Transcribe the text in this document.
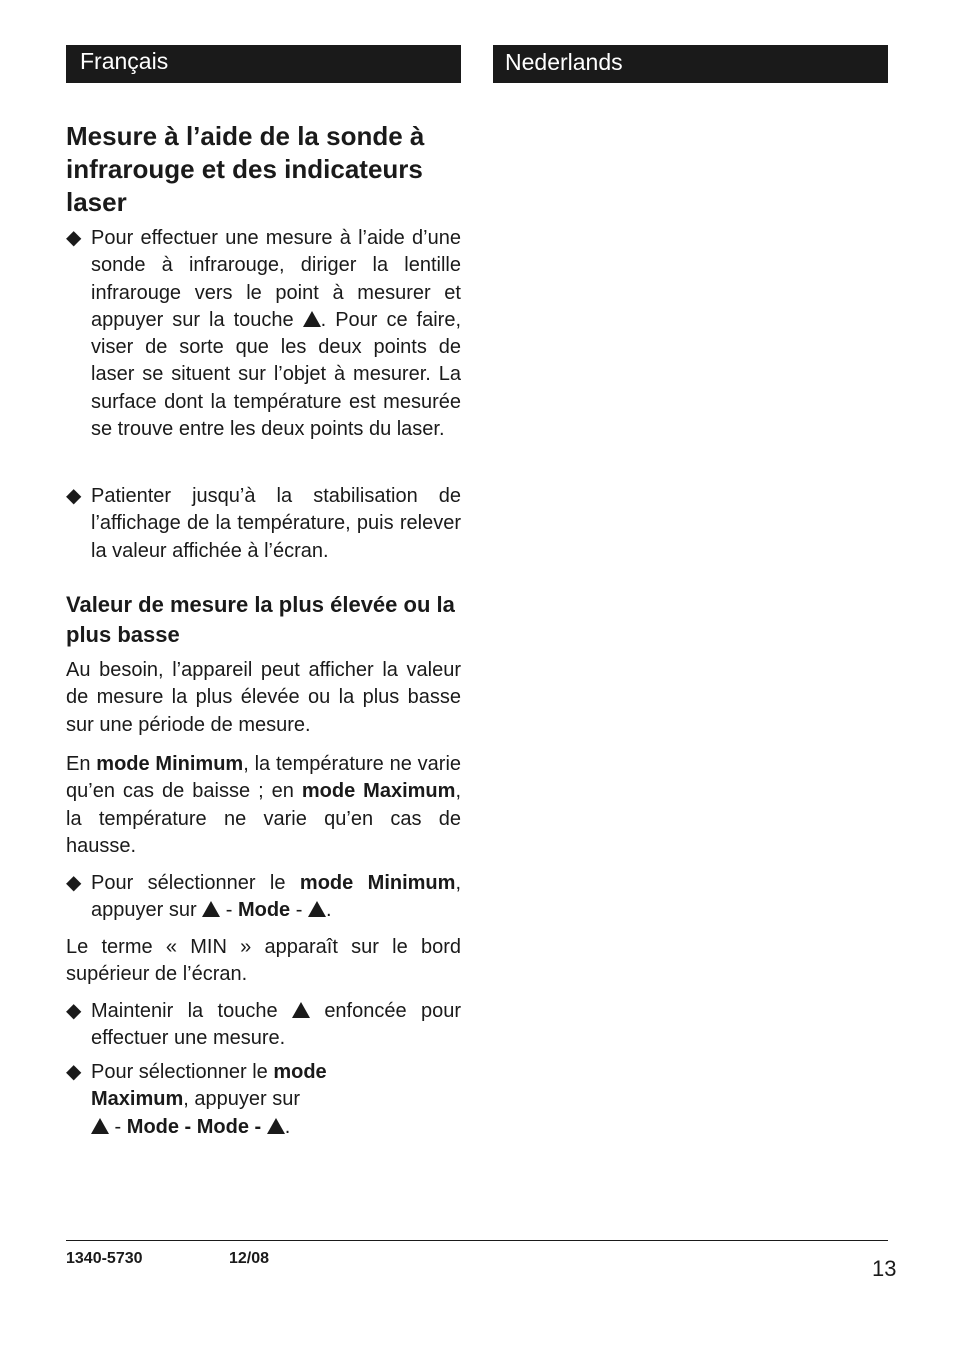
Français	Nederlands
Mesure à l’aide de la sonde à infrarouge et des indicateurs laser
◆ Pour effectuer une mesure à l’aide d’une sonde à infrarouge, diriger la lentille infrarouge vers le point à mesurer et appuyer sur la touche . Pour ce faire, viser de sorte que les deux points de laser se situent sur l’objet à mesurer. La surface dont la température est mesurée se trouve entre les deux points du laser.
◆ Patienter jusqu’à la stabilisation de l’affichage de la température, puis relever la valeur affichée à l’écran.
Valeur de mesure la plus élevée ou la plus basse
Au besoin, l’appareil peut afficher la valeur de mesure la plus élevée ou la plus basse sur une période de mesure.
En mode Minimum, la température ne varie qu’en cas de baisse ; en mode Maximum, la température ne varie qu’en cas de hausse.
◆ Pour sélectionner le mode Minimum, appuyer sur  - Mode - .
Le terme « MIN » apparaît sur le bord supérieur de l’écran.
◆ Maintenir la touche  enfoncée pour effectuer une mesure.
◆ Pour sélectionner le mode Maximum, appuyer sur
- Mode - Mode - .
1340-5730	12/08	13
